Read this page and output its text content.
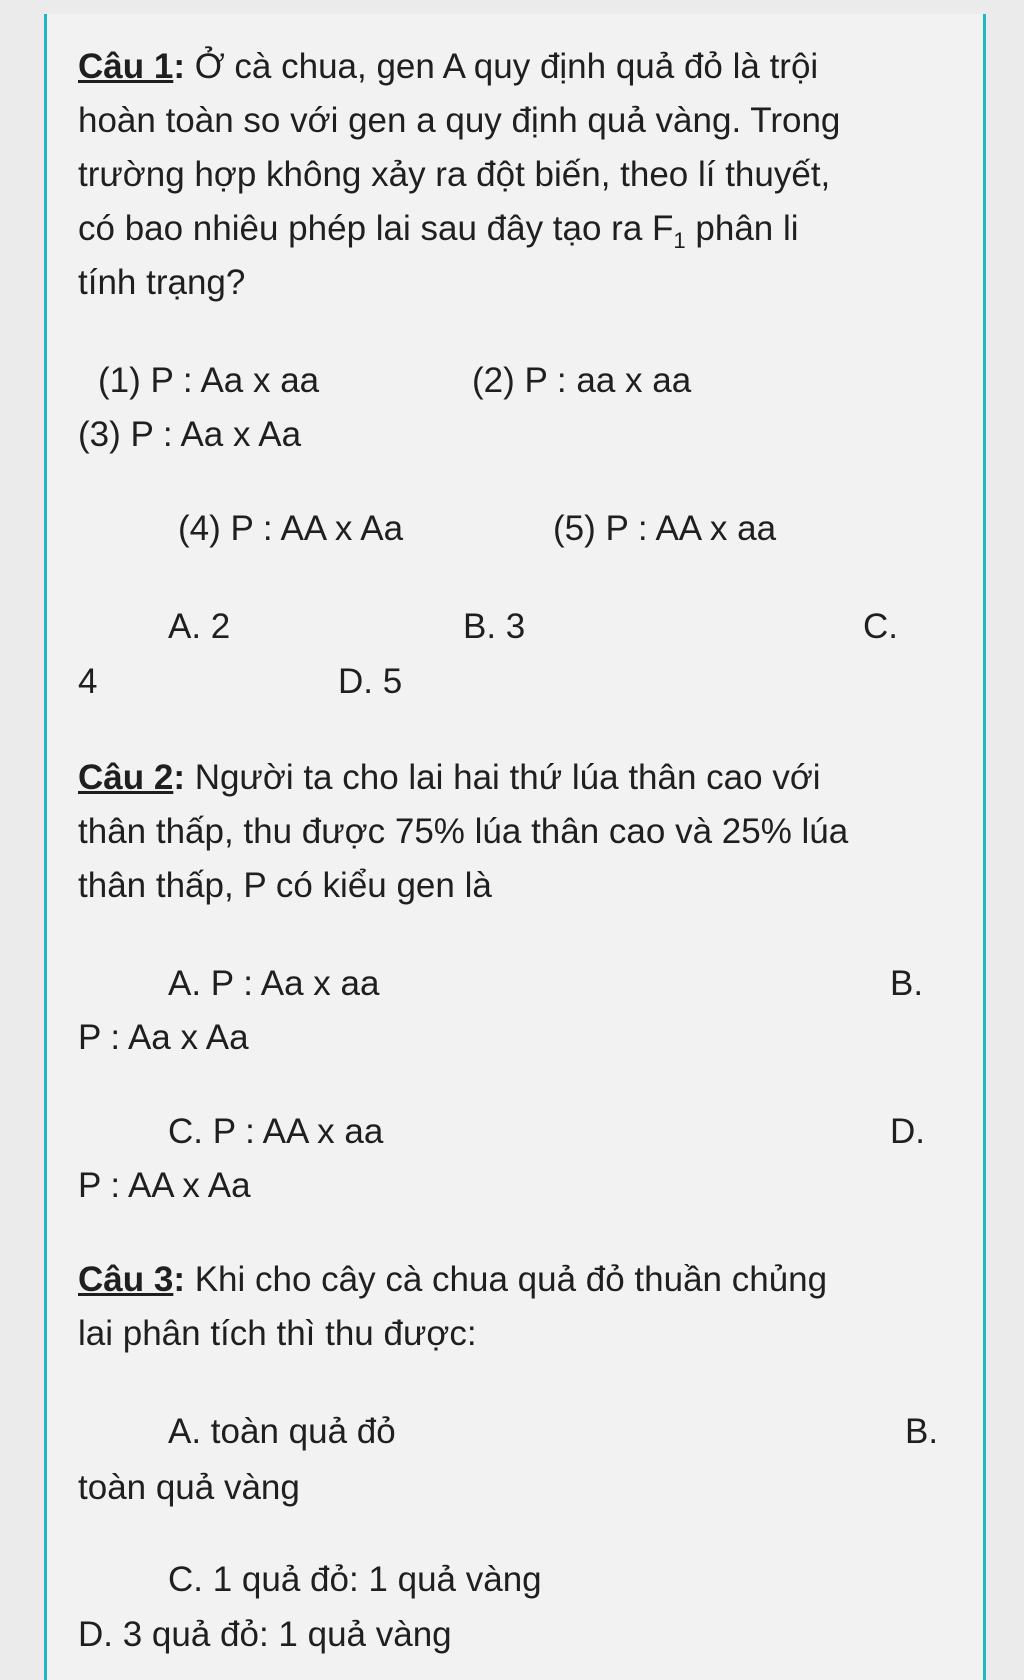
Câu 1: Ở cà chua, gen A quy định quả đỏ là trội
hoàn toàn so với gen a quy định quả vàng. Trong
trường hợp không xảy ra đột biến, theo lí thuyết,
có bao nhiêu phép lai sau đây tạo ra $F_1$ phân li
tính trạng?
(1) P : Aa x aa	(2) P : aa x aa
(3) P : Aa x Aa
(4) P : AA x Aa	(5) P : AA x aa
A. 2	B. 3	C.
4	D. 5
Câu 2: Người ta cho lai hai thứ lúa thân cao với
thân thấp, thu được 75% lúa thân cao và 25% lúa
thân thấp, P có kiểu gen là
A. P : Aa x aa	B.
P : Aa x Aa
C. P : AA x aa	D.
P : AA x Aa
Câu 3: Khi cho cây cà chua quả đỏ thuần chủng
lai phân tích thì thu được:
A. toàn quả đỏ	B.
toàn quả vàng
C. 1 quả đỏ: 1 quả vàng
D. 3 quả đỏ: 1 quả vàng
